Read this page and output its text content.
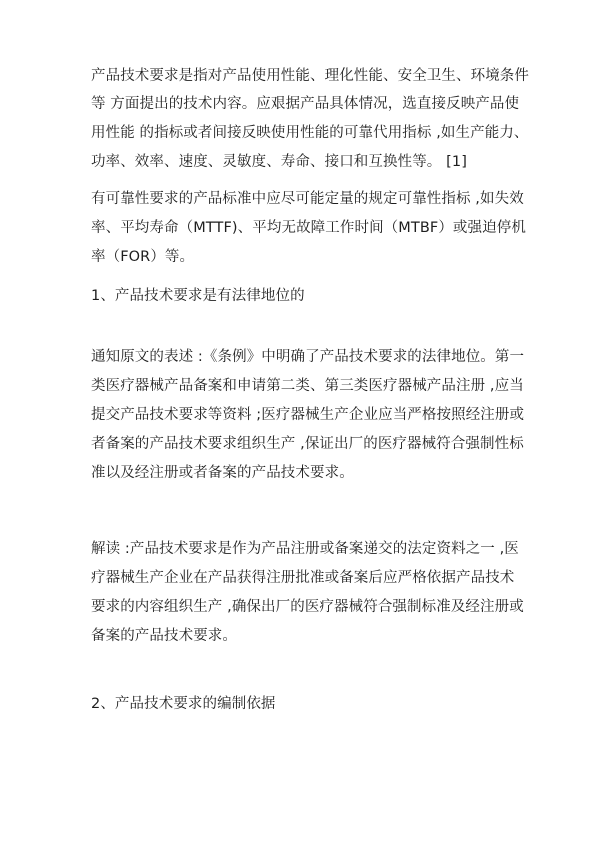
产品技术要求是指对产品使用性能、理化性能、安全卫生、环境条件

等 方面提出的技术内容。应艰据产品具体情况，选直接反映产品使

用性能 的指标或者间接反映使用性能的可靠代用指标 ,如生产能力、

功率、效率、速度、灵敏度、寿命、接口和互换性等。 [1]

有可靠性要求的产品标准中应尽可能定量的规定可靠性指标 ,如失效

率、平均寿命（MTTF)、平均无故障工作时间（MTBF）或强迫停机

率（FOR）等。

1、产品技术要求是有法律地位的

通知原文的表述 :《条例》中明确了产品技术要求的法律地位。第一

类医疗器械产品备案和申请第二类、第三类医疗器械产品注册 ,应当

提交产品技术要求等资料 ;医疗器械生产企业应当严格按照经注册或

者备案的产品技术要求组织生产 ,保证出厂的医疗器械符合强制性标

准以及经注册或者备案的产品技术要求。

解读 :产品技术要求是作为产品注册或备案递交的法定资料之一 ,医

疗器械生产企业在产品获得注册批准或备案后应严格依据产品技术

要求的内容组织生产 ,确保出厂的医疗器械符合强制标准及经注册或

备案的产品技术要求。

2、产品技术要求的编制依据
